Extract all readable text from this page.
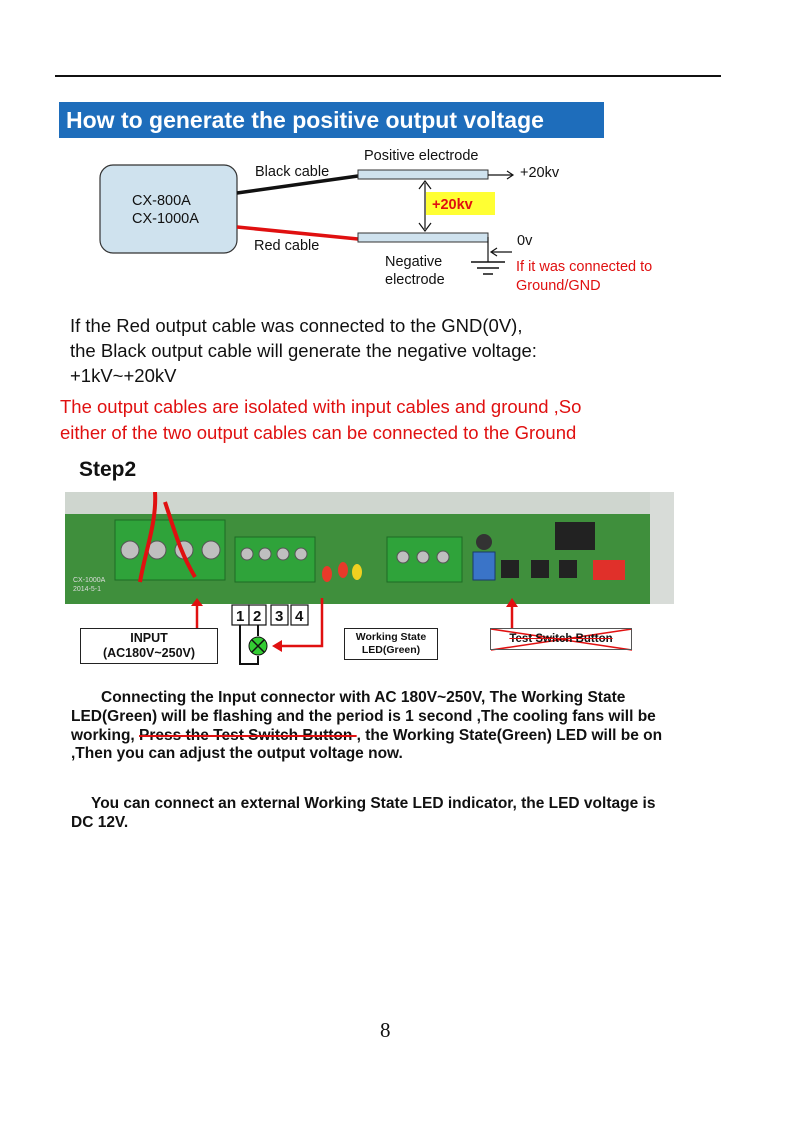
How to generate the positive output voltage
CX-800A
CX-1000A
Black cable
Red cable
Positive electrode
Negative
electrode
+20kv
+20kv
0v
If it was connected to
Ground/GND
If the Red output cable was connected to the GND(0V),
the Black output cable will generate the negative voltage:
+1kV~+20kV
The output cables are isolated with input cables and ground ,So
either of the two output cables can be connected to the Ground
Step2
CX-1000A
2014-5-1
1 2 3 4
INPUT
(AC180V~250V)
Working State
LED(Green)
Test Switch Button
Connecting the Input connector with AC 180V~250V, The Working State LED(Green) will be flashing and the period is 1 second ,The cooling fans will be working, Press the Test Switch Button , the Working State(Green) LED will be on ,Then you can adjust the output voltage now.
You can connect an external Working State LED indicator, the LED voltage is DC 12V.
8
